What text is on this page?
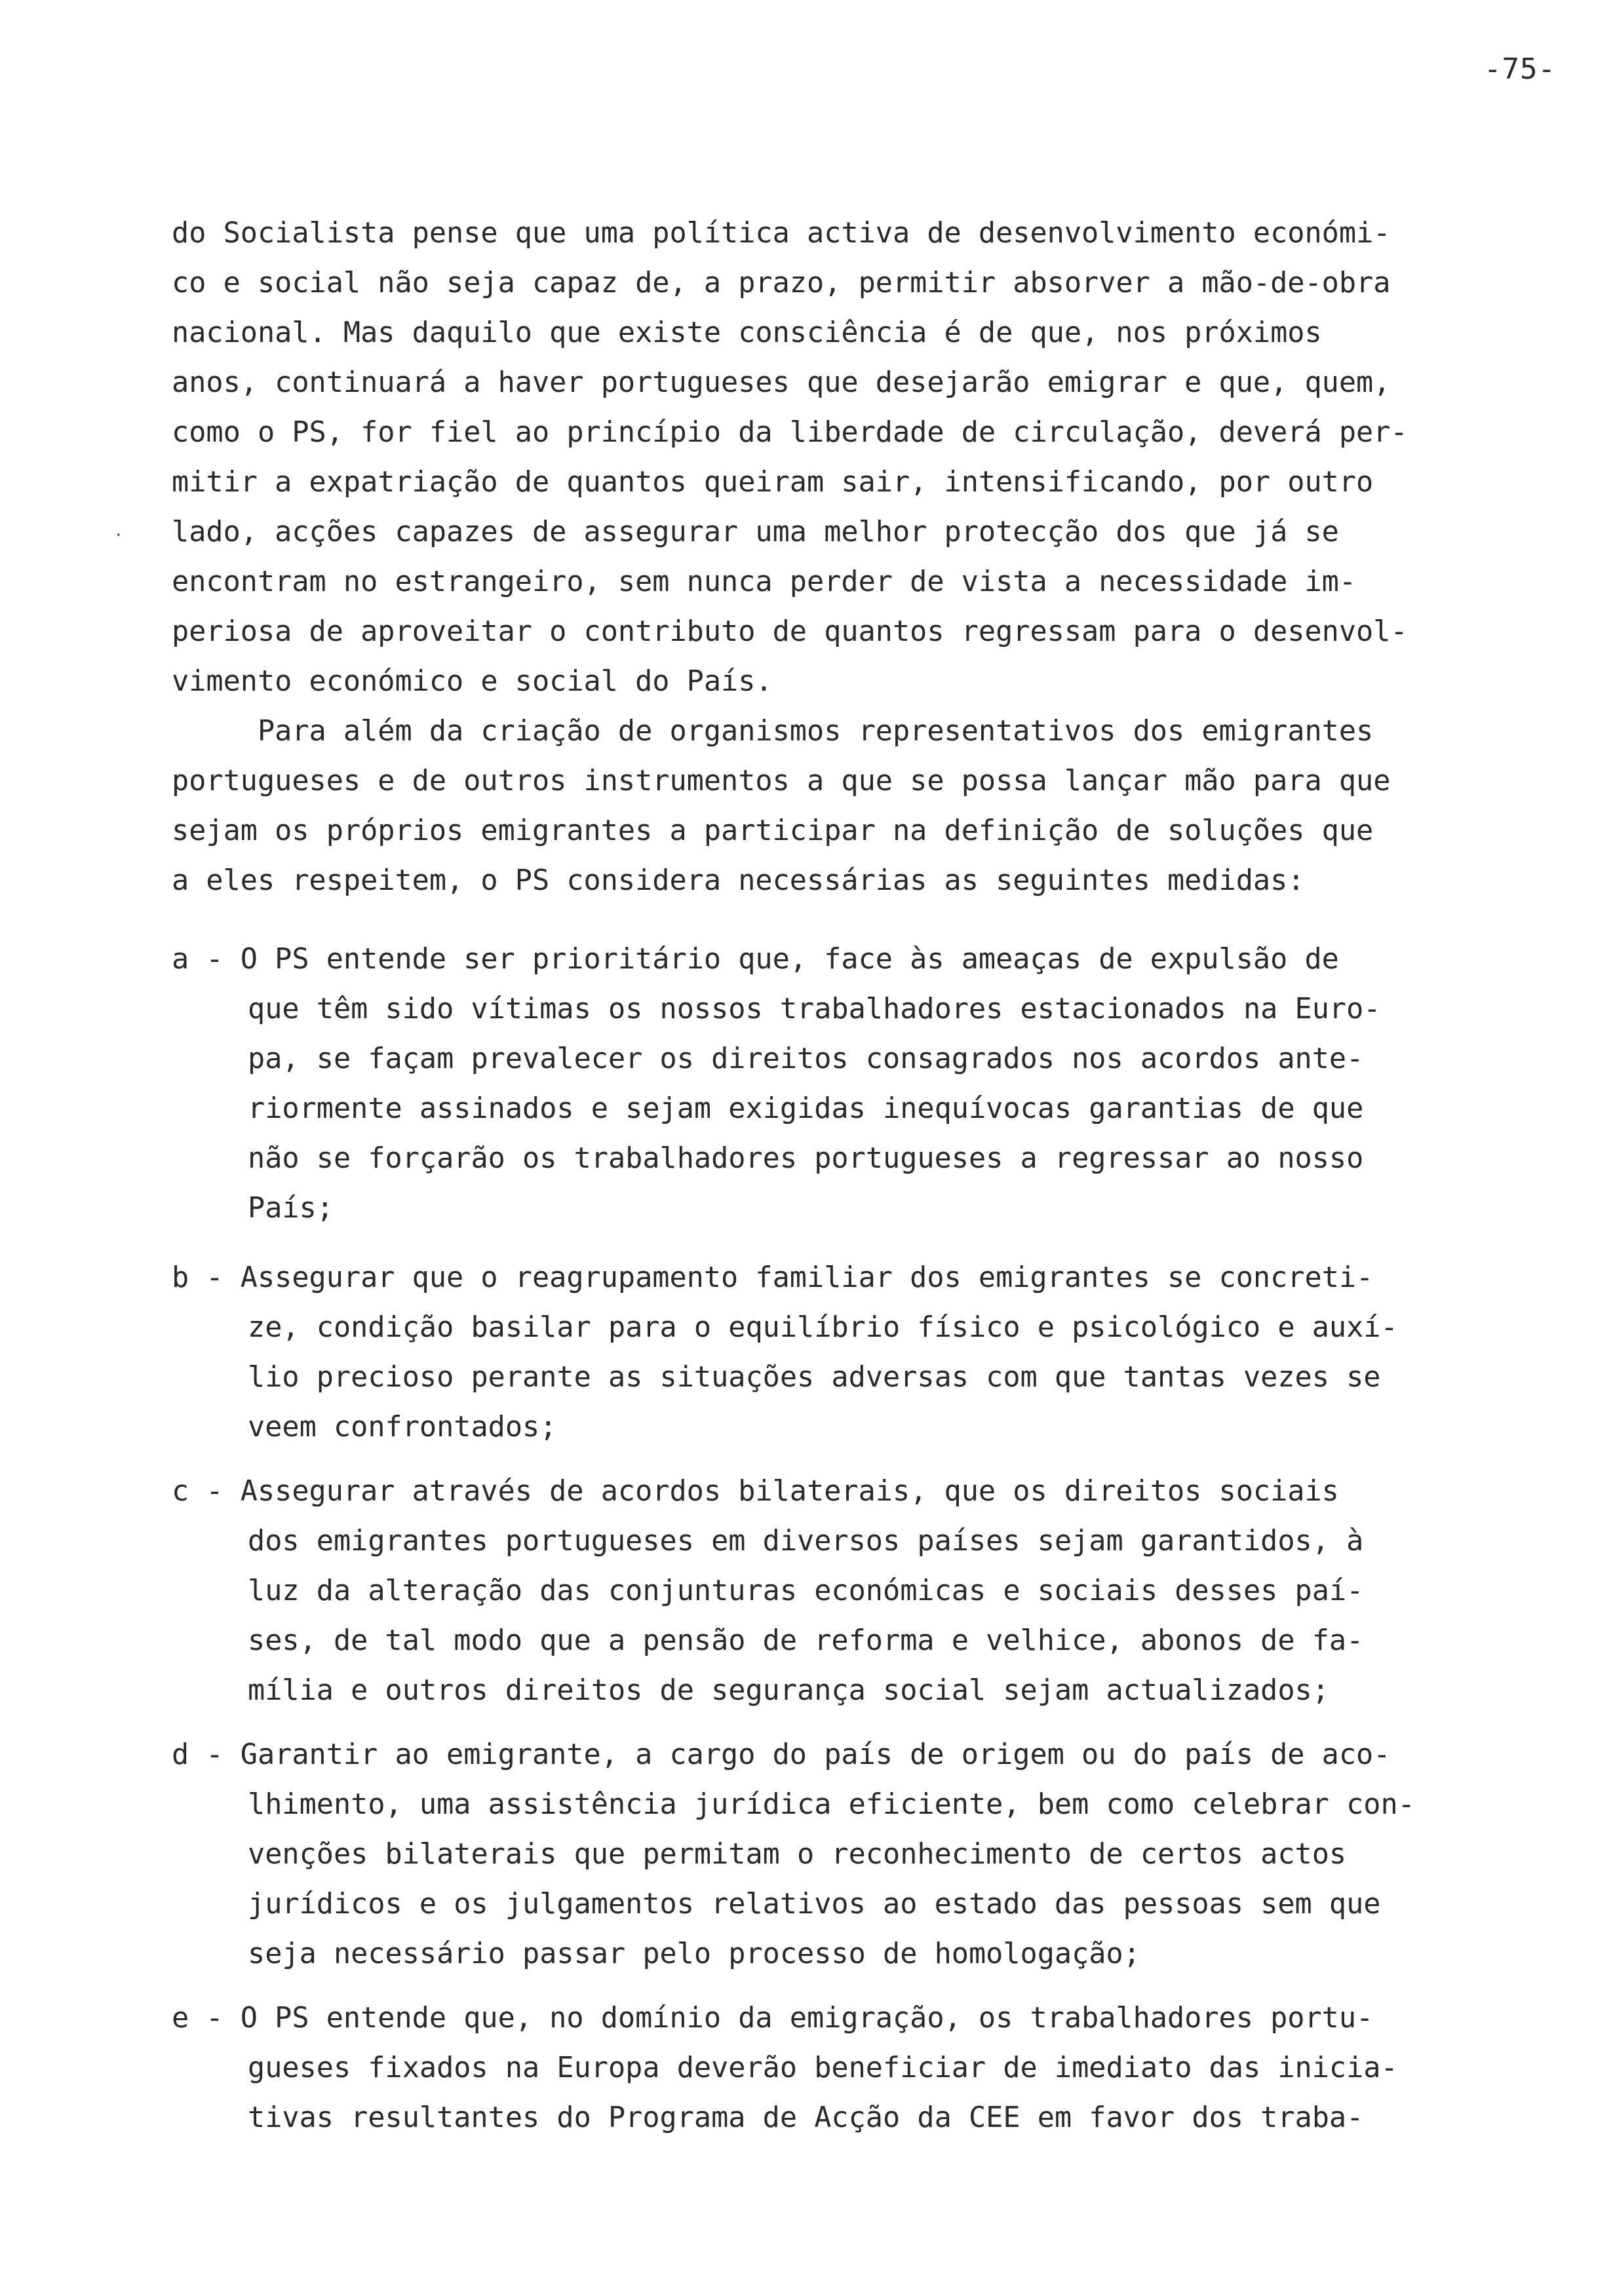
-75-
‧
do Socialista pense que uma política activa de desenvolvimento económi-
co e social não seja capaz de, a prazo, permitir absorver a mão-de-obra
nacional. Mas daquilo que existe consciência é de que, nos próximos
anos, continuará a haver portugueses que desejarão emigrar e que, quem,
como o PS, for fiel ao princípio da liberdade de circulação, deverá per-
mitir a expatriação de quantos queiram sair, intensificando, por outro
lado, acções capazes de assegurar uma melhor protecção dos que já se
encontram no estrangeiro, sem nunca perder de vista a necessidade im-
periosa de aproveitar o contributo de quantos regressam para o desenvol-
vimento económico e social do País.
Para além da criação de organismos representativos dos emigrantes
portugueses e de outros instrumentos a que se possa lançar mão para que
sejam os próprios emigrantes a participar na definição de soluções que
a eles respeitem, o PS considera necessárias as seguintes medidas:
a - O PS entende ser prioritário que, face às ameaças de expulsão de
que têm sido vítimas os nossos trabalhadores estacionados na Euro-
pa, se façam prevalecer os direitos consagrados nos acordos ante-
riormente assinados e sejam exigidas inequívocas garantias de que
não se forçarão os trabalhadores portugueses a regressar ao nosso
País;
b - Assegurar que o reagrupamento familiar dos emigrantes se concreti-
ze, condição basilar para o equilíbrio físico e psicológico e auxí-
lio precioso perante as situações adversas com que tantas vezes se
veem confrontados;
c - Assegurar através de acordos bilaterais, que os direitos sociais
dos emigrantes portugueses em diversos países sejam garantidos, à
luz da alteração das conjunturas económicas e sociais desses paí-
ses, de tal modo que a pensão de reforma e velhice, abonos de fa-
mília e outros direitos de segurança social sejam actualizados;
d - Garantir ao emigrante, a cargo do país de origem ou do país de aco-
lhimento, uma assistência jurídica eficiente, bem como celebrar con-
venções bilaterais que permitam o reconhecimento de certos actos
jurídicos e os julgamentos relativos ao estado das pessoas sem que
seja necessário passar pelo processo de homologação;
e - O PS entende que, no domínio da emigração, os trabalhadores portu-
gueses fixados na Europa deverão beneficiar de imediato das inicia-
tivas resultantes do Programa de Acção da CEE em favor dos traba-
